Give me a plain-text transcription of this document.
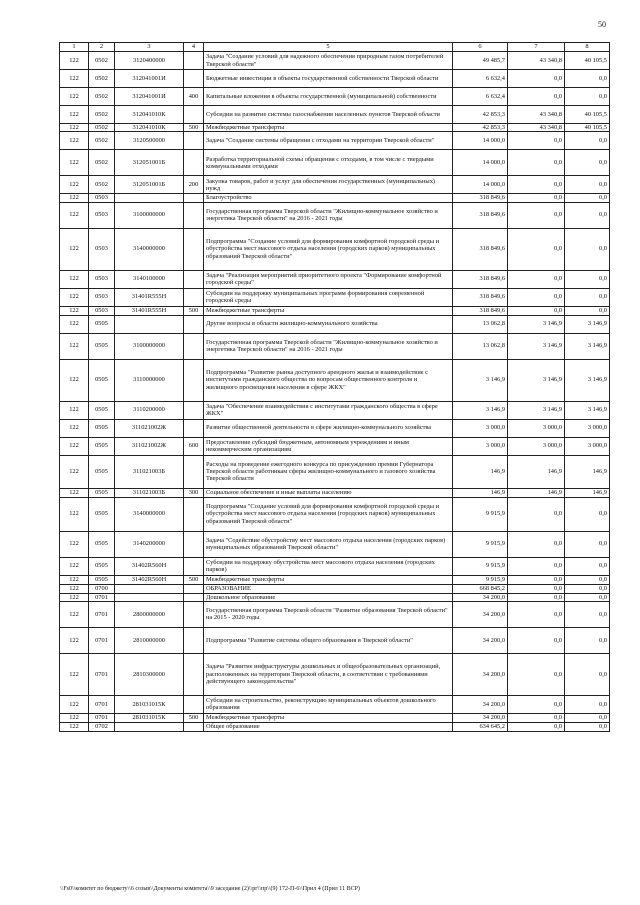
50
1	2	3	4	5	6	7	8
122	0502	3120400000		Задача "Создание условий для надежного обеспечения природным газом потребителей Тверской области"	49 485,7	43 340,8	40 105,5
122	0502	312041001И		Бюджетные инвестиции в объекты государственной собственности Тверской области	6 632,4	0,0	0,0
122	0502	312041001И	400	Капитальные вложения в объекты государственной (муниципальной) собственности	6 632,4	0,0	0,0
122	0502	312041010К		Субсидии на развитие системы газоснабжения населенных пунктов Тверской области	42 853,3	43 340,8	40 105,5
122	0502	312041010К	500	Межбюджетные трансферты	42 853,3	43 340,8	40 105,5
122	0502	3120500000		Задача "Создание системы обращения с отходами на территории Тверской области"	14 000,0	0,0	0,0
122	0502	312051001Б		Разработка территориальной схемы обращения с отходами, в том числе с твердыми коммунальными отходами	14 000,0	0,0	0,0
122	0502	312051001Б	200	Закупка товаров, работ и услуг для обеспечения государственных (муниципальных) нужд	14 000,0	0,0	0,0
122	0503			Благоустройство	318 849,6	0,0	0,0
122	0503	3100000000		Государственная программа Тверской области "Жилищно-коммунальное хозяйство и энергетика Тверской области" на 2016 - 2021 годы	318 849,6	0,0	0,0
122	0503	3140000000		Подпрограмма "Создание условий для формирования комфортной городской среды и обустройства мест массового отдыха населения (городских парков) муниципальных образований Тверской области"	318 849,6	0,0	0,0
122	0503	3140100000		Задача "Реализация мероприятий приоритетного проекта "Формирование комфортной городской среды"	318 849,6	0,0	0,0
122	0503	31401R555H		Субсидии на поддержку муниципальных программ формирования современной городской среды	318 849,6	0,0	0,0
122	0503	31401R555H	500	Межбюджетные трансферты	318 849,6	0,0	0,0
122	0505			Другие вопросы в области жилищно-коммунального хозяйства	13 062,8	3 146,9	3 146,9
122	0505	3100000000		Государственная программа Тверской области "Жилищно-коммунальное хозяйство и энергетика Тверской области" на 2016 - 2021 годы	13 062,8	3 146,9	3 146,9
122	0505	3110000000		Подпрограмма "Развитие рынка доступного арендного жилья и взаимодействие с институтами гражданского общества по вопросам общественного контроля и жилищного просвещения населения в сфере ЖКХ"	3 146,9	3 146,9	3 146,9
122	0505	3110200000		Задача "Обеспечение взаимодействия с институтами гражданского общества в сфере ЖКХ"	3 146,9	3 146,9	3 146,9
122	0505	311021002Ж		Развитие общественной деятельности в сфере жилищно-коммунального хозяйства	3 000,0	3 000,0	3 000,0
122	0505	311021002Ж	600	Предоставление субсидий бюджетным, автономным учреждениям и иным некоммерческим организациям	3 000,0	3 000,0	3 000,0
122	0505	311021003Б		Расходы на проведение ежегодного конкурса по присуждению премии Губернатора Тверской области работникам сферы жилищно-коммунального и газового хозяйства Тверской области	146,9	146,9	146,9
122	0505	311021003Б	300	Социальное обеспечение и иные выплаты населению	146,9	146,9	146,9
122	0505	3140000000		Подпрограмма "Создание условий для формирования комфортной городской среды и обустройства мест массового отдыха населения (городских парков) муниципальных образований Тверской области"	9 915,9	0,0	0,0
122	0505	3140200000		Задача "Содействие обустройству мест массового отдыха населения (городских парков) муниципальных образований Тверской области"	9 915,9	0,0	0,0
122	0505	31402R560H		Субсидии на поддержку обустройства мест массового отдыха населения (городских парков)	9 915,9	0,0	0,0
122	0505	31402R560H	500	Межбюджетные трансферты	9 915,9	0,0	0,0
122	0700			ОБРАЗОВАНИЕ	668 845,2	0,0	0,0
122	0701			Дошкольное образование	34 200,0	0,0	0,0
122	0701	2800000000		Государственная программа Тверской области "Развитие образования Тверской области" на 2015 - 2020 годы	34 200,0	0,0	0,0
122	0701	2810000000		Подпрограмма "Развитие системы общего образования в Тверской области"	34 200,0	0,0	0,0
122	0701	2810300000		Задача "Развитие инфраструктуры дошкольных и общеобразовательных организаций, расположенных на территории Тверской области, в соответствии с требованиями действующего законодательства"	34 200,0	0,0	0,0
122	0701	281031015К		Субсидии на строительство, реконструкцию муниципальных объектов дошкольного образования	34 200,0	0,0	0,0
122	0701	281031015К	500	Межбюджетные трансферты	34 200,0	0,0	0,0
122	0702			Общее образование	634 645,2	0,0	0,0
\\Fs0\\комитет по бюджету\\6 созыв\\Документы комитета\\9 заседание (2)\\рг\\пр\\(9) 172-П-6\\Прил 4 (Прил 11 ВСР)
